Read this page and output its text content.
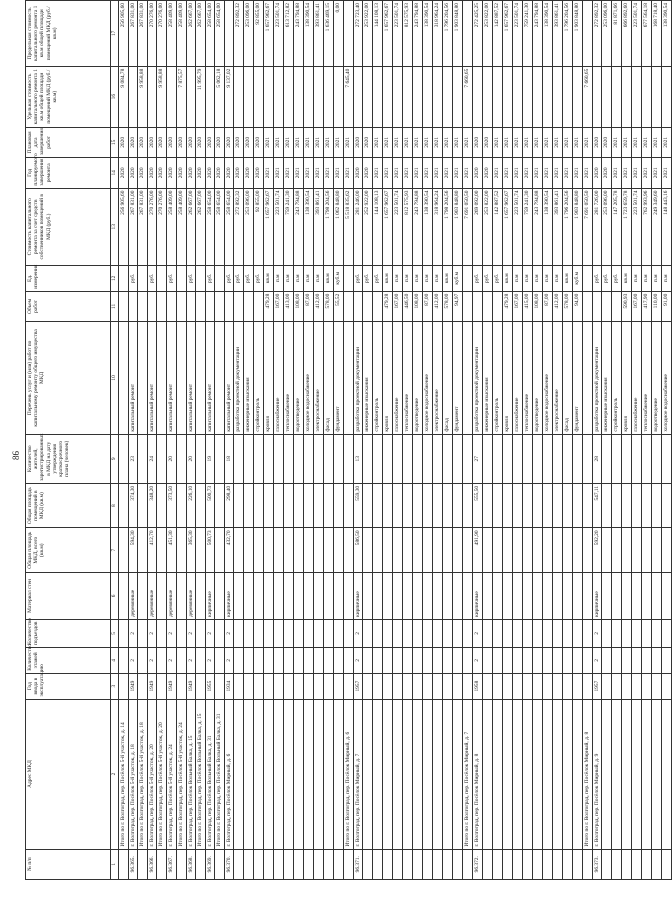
86
№ п/п	Адрес МКД	Год ввода в эксплуатацию	Количество этажей	Количество подъездов	Материал стен	Общая площадь МКД, всего (кв.м)	Общая площадь помещений в МКД (кв.м)	Количество жителей, зарегистрированных в МКД на дату утверждения краткосрочного плана (человек)	Перечень услуг и (или) работ по капитальному ремонту общего имущества МКД	Объем работ	Ед. измерения	Стоимость капитального ремонта за счет средств собственников помещений в МКД (руб.)	Год планируемого завершения ремонта	Плановая дата завершения работ	Удельная стоимость капитального ремонта 1 кв.м общей площади помещений МКД (руб./кв.м)	Предельная стоимость капитального ремонта 1 кв.м общей площади помещений МКД (руб./кв.м)
1	2	3	4	5	6	7	8	9	10	11	12	13	14	15	16	17
	Итого по г. Волгоград, пер. Посёлок 5-й участок, д. 14											256 905,60	2020	2020	9 084,78	256 905,60
96.365.	г. Волгоград, пер. Посёлок 5-й участок, д. 18	1949	2	2	деревянные	594,30	374,30	23	капитальный ремонт		руб.	267 831,00	2020	2020		267 831,00
	Итого по г. Волгоград, пер. Посёлок 5-й участок, д. 18											267 831,00	2020	2020	9 958,88	267 831,00
96.366.	г. Волгоград, пер. Посёлок 5-й участок, д. 20	1949	2	2	деревянные	412,70	348,20	24	капитальный ремонт		руб.	270 276,00	2020	2020		270 276,00
	Итого по г. Волгоград, пер. Посёлок 5-й участок, д. 20											270 276,00	2020	2020	9 958,88	270 276,00
96.367.	г. Волгоград, пер. Посёлок 5-й участок, д. 24	1949	2	2	деревянные	451,30	373,50	20	капитальный ремонт		руб.	258 409,00	2020	2020		258 409,00
	Итого по г. Волгоград, пер. Посёлок 5-й участок, д. 24											258 409,00	2020	2020	7 875,57	258 409,00
96.368.	г. Волгоград, пер. Посёлок Вольный Балка, д. 15	1949	2	2	деревянные	365,30	226,10	20	капитальный ремонт		руб.	262 667,00	2020	2020		262 667,00
	Итого по г. Волгоград, пер. Посёлок Вольный Балка, д. 15											262 667,00	2020	2020	11 995,79	262 667,00
96.369.	г. Волгоград, пер. Посёлок Вольный Балка, д. 31	1955	2	2	кирпичные	500,73	500,73	19	капитальный ремонт		руб.	258 654,00	2020	2020		258 654,00
	Итого по г. Волгоград, пер. Посёлок Вольный Балка, д. 31											258 654,00	2020	2020	5 062,18	258 654,00
96.370.	г. Волгоград, пер. Посёлок Мирный, д. 6	1934	2	2	кирпичные	432,70	298,40	18	капитальный ремонт		руб.	258 654,00	2020	2020	9 137,02	
									разработка проектной документации		руб.	272 892,32	2020	2020		272 892,32
									инженерные изыскания		руб.	253 096,00	2020	2020		253 096,00
									стройконтроль		руб.	92 855,00	2020	2020		92 855,00
									кровля	479,28	кв.м	1 657 962,67	2021	2021		1 657 962,67
									газоснабжение	167,00	п.м	223 501,74	2021	2021		223 501,74
									теплоснабжение	413,00	п.м	759 241,30	2021	2021		613 712,82
									водоотведение	108,00	п.м	243 794,88	2021	2021		243 794,88
									холодное водоснабжение	87,00	п.м	138 390,54	2021	2021		138 390,54
									электроснабжение	412,00	п.м	393 861,41	2021	2021		393 861,41
									фасад	578,00	кв.м	1 798 204,56	2021	2021		1 636 469,15
									фундамент	55,52	куб.м	1 062 848,80	2021	2021		0,00
	Итого по г. Волгоград, пер. Посёлок Мирный, д. 6											5 518 835,62	2021	2021	7 645,40	
96.371.	г. Волгоград, пер. Посёлок Мирный, д. 7	1957	2	2	кирпичные	586,50	559,30	13	разработка проектной документации		руб.	281 246,00	2020	2020		272 723,40
									инженерные изыскания		руб.	252 922,00	2020	2020		253 922,00
									стройконтроль		руб.	144 108,13	2021	2021		144 108,13
									кровля	479,28	кв.м	1 657 962,67	2021	2021		1 657 962,67
									газоснабжение	167,00	п.м	223 501,74	2021	2021		223 501,74
									теплоснабжение	446,50	п.м	812 575,93	2021	2021		812 575,93
									водоотведение	108,00	п.м	243 794,88	2021	2021		243 794,88
									холодное водоснабжение	87,00	п.м	138 390,54	2021	2021		138 390,54
									электроснабжение	412,00	п.м	318 964,24	2021	2021		318 964,24
									фасад	578,00	кв.м	1 798 204,56	2021	2021		1 796 204,56
									фундамент	94,97	куб.м	1 903 848,80	2021	2021		1 903 848,80
	Итого по г. Волгоград, пер. Посёлок Мирный, д. 7											7 691 050,50	2021	2021	7 660,65	
96.372.	г. Волгоград, пер. Посёлок Мирный, д. 8	1958	2	2	кирпичные	491,90	555,50	27	разработка проектной документации		руб.	269 092,00	2020	2020		272 425,25
									инженерные изыскания		руб.	253 822,00	2020	2020		253 822,00
									стройконтроль		руб.	142 887,52	2021	2021		142 887,52
									кровля	479,28	кв.м	1 657 962,67	2021	2021		1 657 962,67
									газоснабжение	167,00	п.м	223 501,74	2021	2021		223 501,74
									теплоснабжение	415,00	п.м	759 241,30	2021	2021		759 241,30
									водоотведение	108,00	п.м	243 794,88	2021	2021		243 794,88
									холодное водоснабжение	87,00	п.м	138 390,54	2021	2021		138 390,54
									электроснабжение	412,00	п.м	393 861,41	2021	2021		393 861,41
									фасад	578,00	кв.м	1 796 204,56	2021	2021		1 796 204,56
									фундамент	94,00	куб.м	1 903 848,80	2021	2021		1 903 848,80
	Итого по г. Волгоград, пер. Посёлок Мирный, д. 8											7 691 050,50	2021	2021	7 660,65	
96.373.	г. Волгоград, пер. Посёлок Мирный, д. 9	1957	2	2	кирпичные	592,20	547,11	28	разработка проектной документации		руб.	281 726,00	2020	2020		272 892,32
									инженерные изыскания		руб.	253 096,00	2020	2020		253 096,00
									стройконтроль		руб.	147 205,78	2021	2021		81 871,66
									кровля	590,93	кв.м	1 723 659,78	2021	2021		666 892,60
									газоснабжение	167,00	п.м	223 501,74	2021	2021		223 501,74
									теплоснабжение	417,90	п.м	762 993,96	2021	2021		677 564,18
									водоотведение	110,00	п.м	249 349,60	2021	2021		168 718,40
									холодное водоснабжение	91,00	п.м	148 443,16	2021	2021		138 390,54
